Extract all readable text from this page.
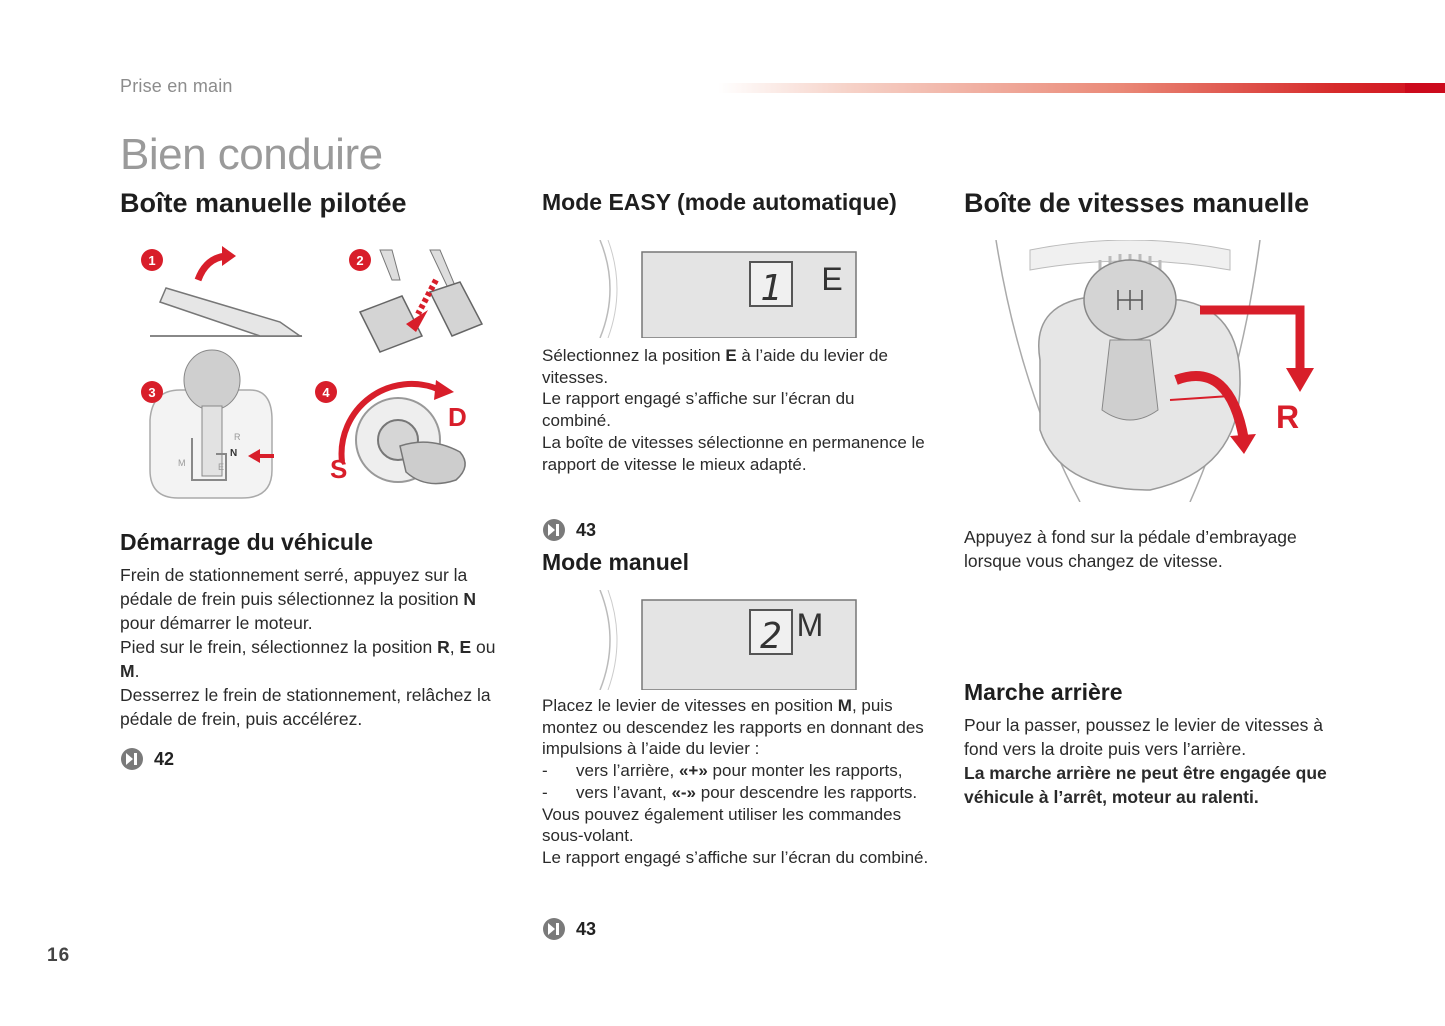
Prise en main
Bien conduire
Boîte manuelle pilotée
1	2
N
R
E
M
3
D
S
4
Démarrage du véhicule

Frein de stationnement serré, appuyez sur la pédale de frein puis sélectionnez la position N pour démarrer le moteur.

Pied sur le frein, sélectionnez la position R, E ou M.

Desserrez le frein de stationnement, relâchez la pédale de frein, puis accélérez.

42
Mode EASY (mode automatique)
1 E

Sélectionnez la position E à l’aide du levier de vitesses.

Le rapport engagé s’affiche sur l’écran du combiné.

La boîte de vitesses sélectionne en permanence le rapport de vitesse le mieux adapté.

43
Mode manuel
2 M

Placez le levier de vitesses en position M, puis montez ou descendez les rapports en donnant des impulsions à l’aide du levier :

-	vers l’arrière, «+» pour monter les rapports,
-	vers l’avant, «-» pour descendre les rapports.

Vous pouvez également utiliser les commandes sous-volant.

Le rapport engagé s’affiche sur l’écran du combiné.

43
Boîte de vitesses manuelle
R

Appuyez à fond sur la pédale d’embrayage lorsque vous changez de vitesse.

Marche arrière

Pour la passer, poussez le levier de vitesses à fond vers la droite puis vers l’arrière.

La marche arrière ne peut être engagée que véhicule à l’arrêt, moteur au ralenti.

16
